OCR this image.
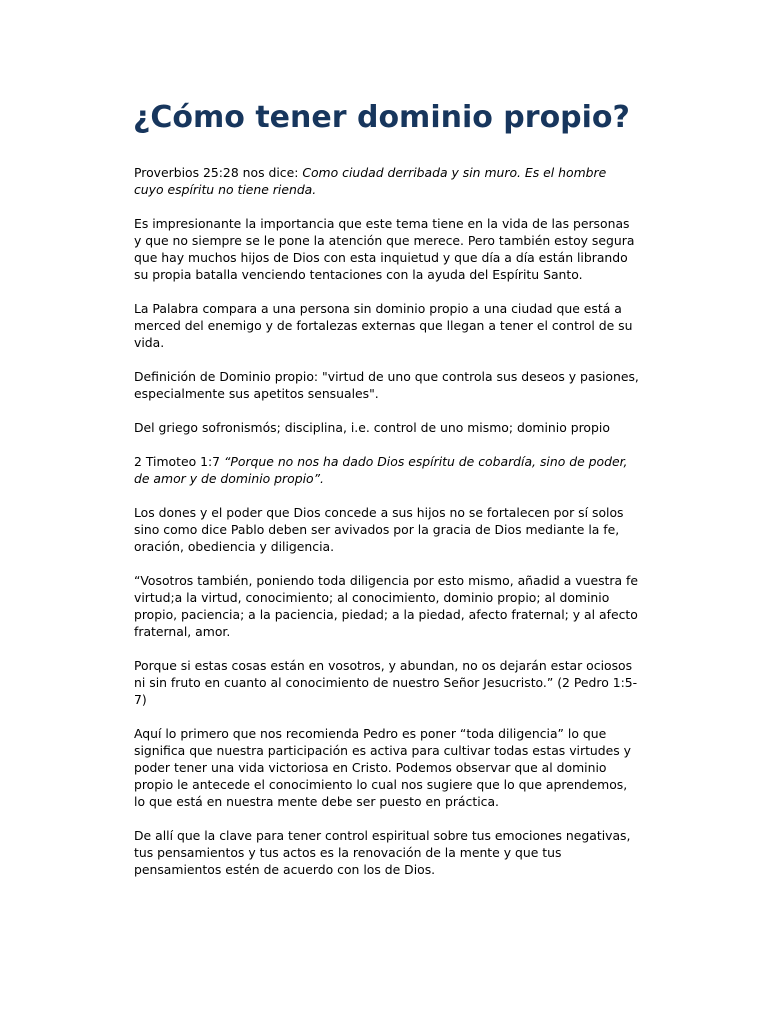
¿Cómo tener dominio propio?

Proverbios 25:28 nos dice: Como ciudad derribada y sin muro. Es el hombre cuyo espíritu no tiene rienda.

Es impresionante la importancia que este tema tiene en la vida de las personas y que no siempre se le pone la atención que merece. Pero también estoy segura que hay muchos hijos de Dios con esta inquietud y que día a día están librando su propia batalla venciendo tentaciones con la ayuda del Espíritu Santo.

La Palabra compara a una persona sin dominio propio a una ciudad que está a merced del enemigo y de fortalezas externas que llegan a tener el control de su vida.

Definición de Dominio propio: "virtud de uno que controla sus deseos y pasiones, especialmente sus apetitos sensuales".

Del griego sofronismós; disciplina, i.e. control de uno mismo; dominio propio

2 Timoteo 1:7 “Porque no nos ha dado Dios espíritu de cobardía, sino de poder, de amor y de dominio propio”.

Los dones y el poder que Dios concede a sus hijos no se fortalecen por sí solos sino como dice Pablo deben ser avivados por la gracia de Dios mediante la fe, oración, obediencia y diligencia.

“Vosotros también, poniendo toda diligencia por esto mismo, añadid a vuestra fe virtud;a la virtud, conocimiento; al conocimiento, dominio propio; al dominio propio, paciencia; a la paciencia, piedad; a la piedad, afecto fraternal; y al afecto fraternal, amor.

Porque si estas cosas están en vosotros, y abundan, no os dejarán estar ociosos ni sin fruto en cuanto al conocimiento de nuestro Señor Jesucristo.” (2 Pedro 1:5-7)

Aquí lo primero que nos recomienda Pedro es poner “toda diligencia” lo que significa que nuestra participación es activa para cultivar todas estas virtudes y poder tener una vida victoriosa en Cristo. Podemos observar que al dominio propio le antecede el conocimiento lo cual nos sugiere que lo que aprendemos, lo que está en nuestra mente debe ser puesto en práctica.

De allí que la clave para tener control espiritual sobre tus emociones negativas, tus pensamientos y tus actos es la renovación de la mente y que tus pensamientos estén de acuerdo con los de Dios.
